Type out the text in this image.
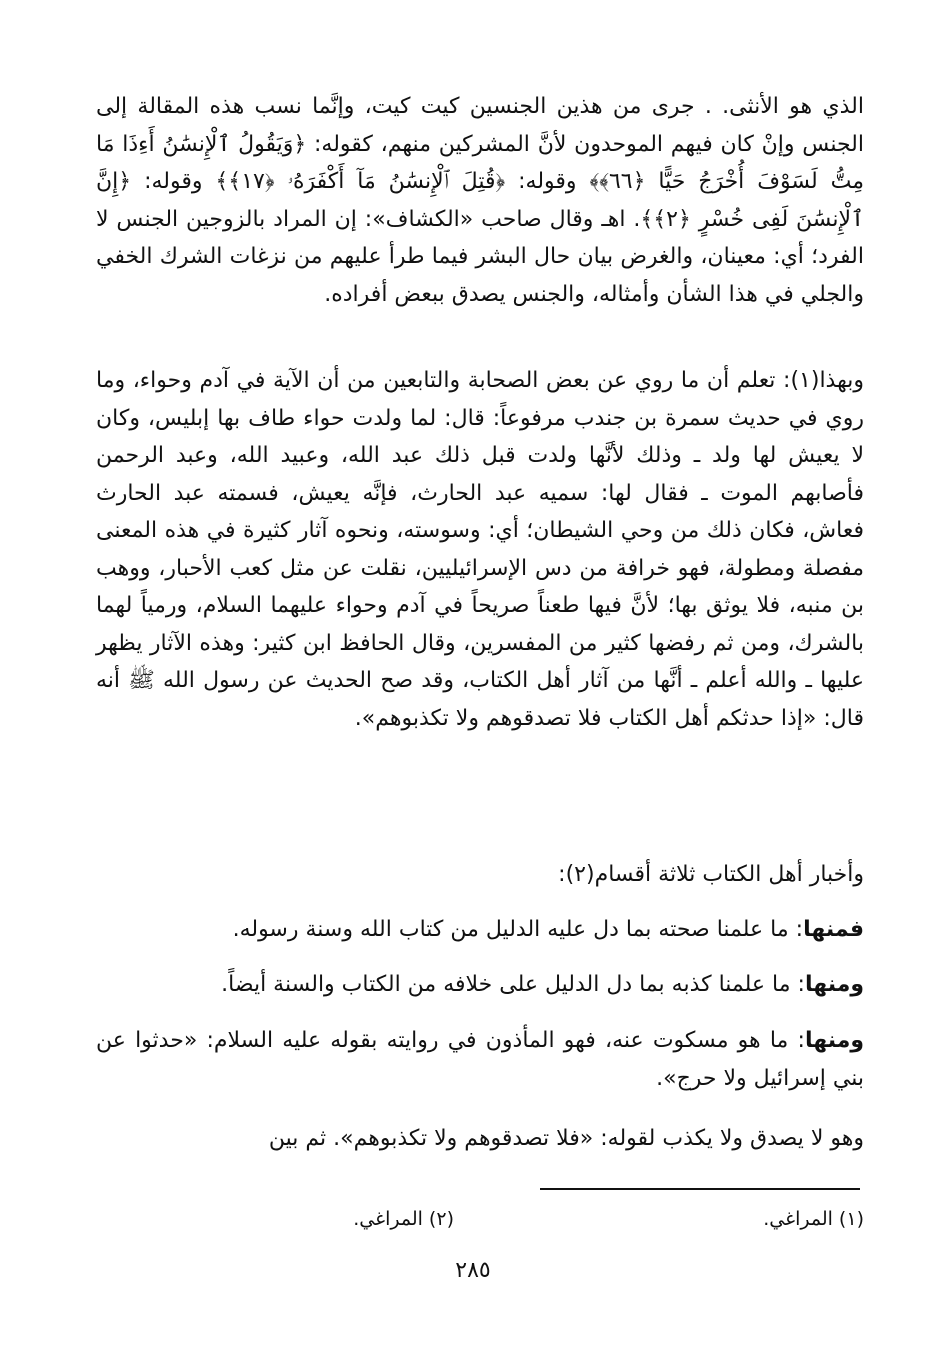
الذي هو الأنثى. . جرى من هذين الجنسين كيت كيت، وإنَّما نسب هذه المقالة إلى الجنس وإنْ كان فيهم الموحدون لأنَّ المشركين منهم، كقوله: ﴿وَيَقُولُ ٱلْإِنسَٰنُ أَءِذَا مَا مِتُّ لَسَوْفَ أُخْرَجُ حَيًّا ﴿٦٦﴾﴾ وقوله: ﴿قُتِلَ ٱلْإِنسَٰنُ مَآ أَكْفَرَهُۥ ﴿١٧﴾﴾ وقوله: ﴿إِنَّ ٱلْإِنسَٰنَ لَفِى خُسْرٍ ﴿٢﴾﴾. اهـ وقال صاحب «الكشاف»: إن المراد بالزوجين الجنس لا الفرد؛ أي: معينان، والغرض بيان حال البشر فيما طرأ عليهم من نزغات الشرك الخفي والجلي في هذا الشأن وأمثاله، والجنس يصدق ببعض أفراده.

وبهذا(١): تعلم أن ما روي عن بعض الصحابة والتابعين من أن الآية في آدم وحواء، وما روي في حديث سمرة بن جندب مرفوعاً: قال: لما ولدت حواء طاف بها إبليس، وكان لا يعيش لها ولد ـ وذلك لأنَّها ولدت قبل ذلك عبد الله، وعبيد الله، وعبد الرحمن فأصابهم الموت ـ فقال لها: سميه عبد الحارث، فإنَّه يعيش، فسمته عبد الحارث فعاش، فكان ذلك من وحي الشيطان؛ أي: وسوسته، ونحوه آثار كثيرة في هذه المعنى مفصلة ومطولة، فهو خرافة من دس الإسرائيليين، نقلت عن مثل كعب الأحبار، ووهب بن منبه، فلا يوثق بها؛ لأنَّ فيها طعناً صريحاً في آدم وحواء عليهما السلام، ورمياً لهما بالشرك، ومن ثم رفضها كثير من المفسرين، وقال الحافظ ابن كثير: وهذه الآثار يظهر عليها ـ والله أعلم ـ أنَّها من آثار أهل الكتاب، وقد صح الحديث عن رسول الله ﷺ أنه قال: «إذا حدثكم أهل الكتاب فلا تصدقوهم ولا تكذبوهم».

وأخبار أهل الكتاب ثلاثة أقسام(٢):

فمنها: ما علمنا صحته بما دل عليه الدليل من كتاب الله وسنة رسوله.

ومنها: ما علمنا كذبه بما دل الدليل على خلافه من الكتاب والسنة أيضاً.

ومنها: ما هو مسكوت عنه، فهو المأذون في روايته بقوله عليه السلام: «حدثوا عن بني إسرائيل ولا حرج».

وهو لا يصدق ولا يكذب لقوله: «فلا تصدقوهم ولا تكذبوهم». ثم بين

(١) المراغي.
(٢) المراغي.
٢٨٥
